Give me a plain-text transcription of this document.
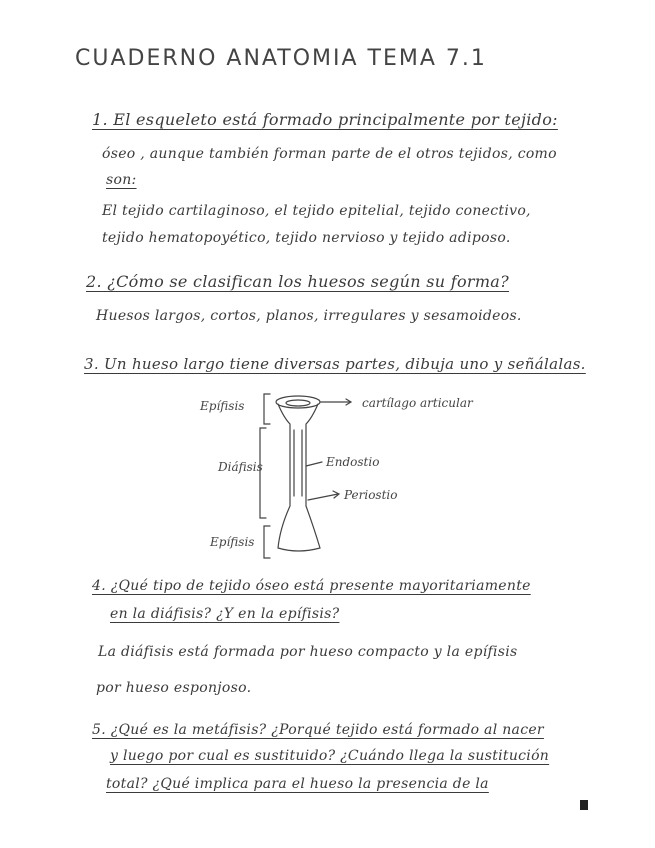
CUADERNO ANATOMIA TEMA 7.1
1. El esqueleto está formado principalmente por tejido:
óseo , aunque también forman parte de el otros tejidos, como
son:
El tejido cartilaginoso, el tejido epitelial, tejido conectivo,
tejido hematopoyético, tejido nervioso y tejido adiposo.
2. ¿Cómo se clasifican los huesos según su forma?
Huesos largos, cortos, planos, irregulares y sesamoideos.
3. Un hueso largo tiene diversas partes, dibuja uno y señálalas.
Epífisis	cartílago articular
Diáfisis	Endostio
Periostio
Epífisis
4. ¿Qué tipo de tejido óseo está presente mayoritariamente
en la diáfisis? ¿Y en la epífisis?
La diáfisis está formada por hueso compacto y la epífisis
por hueso esponjoso.
5. ¿Qué es la metáfisis? ¿Porqué tejido está formado al nacer
y luego por cual es sustituido? ¿Cuándo llega la sustitución
total? ¿Qué implica para el hueso la presencia de la
